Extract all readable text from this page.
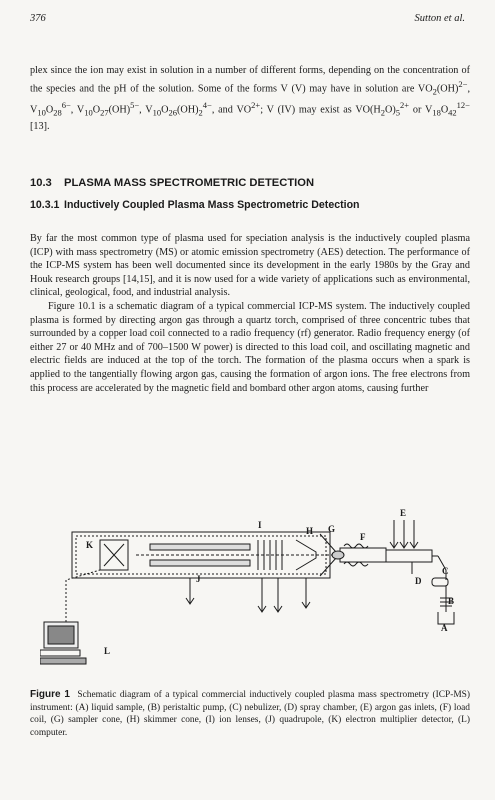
376	Sutton et al.
plex since the ion may exist in solution in a number of different forms, depending on the concentration of the species and the pH of the solution. Some of the forms V (V) may have in solution are $VO_2(OH)^{2-}$, $V_{10}O_{28}^{6-}$, $V_{10}O_{27}(OH)^{5-}$, $V_{10}O_{26}(OH)_2^{4-}$, and $VO^{2+}$; V (IV) may exist as $VO(H_2O)_5^{2+}$ or $V_{18}O_{42}^{12-}$ [13].
10.3 PLASMA MASS SPECTROMETRIC DETECTION
10.3.1 Inductively Coupled Plasma Mass Spectrometric Detection

By far the most common type of plasma used for speciation analysis is the inductively coupled plasma (ICP) with mass spectrometry (MS) or atomic emission spectrometry (AES) detection. The performance of the ICP-MS system has been well documented since its development in the early 1980s by the Gray and Houk research groups [14,15], and it is now used for a wide variety of applications such as environmental, clinical, geological, food, and industrial analysis.

Figure 10.1 is a schematic diagram of a typical commercial ICP-MS system. The inductively coupled plasma is formed by directing argon gas through a quartz torch, comprised of three concentric tubes that surrounded by a copper load coil connected to a radio frequency (rf) generator. Radio frequency energy (of either 27 or 40 MHz and of 700–1500 W power) is directed to this load coil, and oscillating magnetic and electric fields are induced at the top of the torch. The formation of the plasma occurs when a spark is applied to the tangentially flowing argon gas, causing the formation of argon ions. The free electrons from this process are accelerated by the magnetic field and bombard other argon atoms, causing further

A
B
C
D
E
F
G
H
I
J
K
L
Figure 1 Schematic diagram of a typical commercial inductively coupled plasma mass spectrometry (ICP-MS) instrument: (A) liquid sample, (B) peristaltic pump, (C) nebulizer, (D) spray chamber, (E) argon gas inlets, (F) load coil, (G) sampler cone, (H) skimmer cone, (I) ion lenses, (J) quadrupole, (K) electron multiplier detector, (L) computer.
